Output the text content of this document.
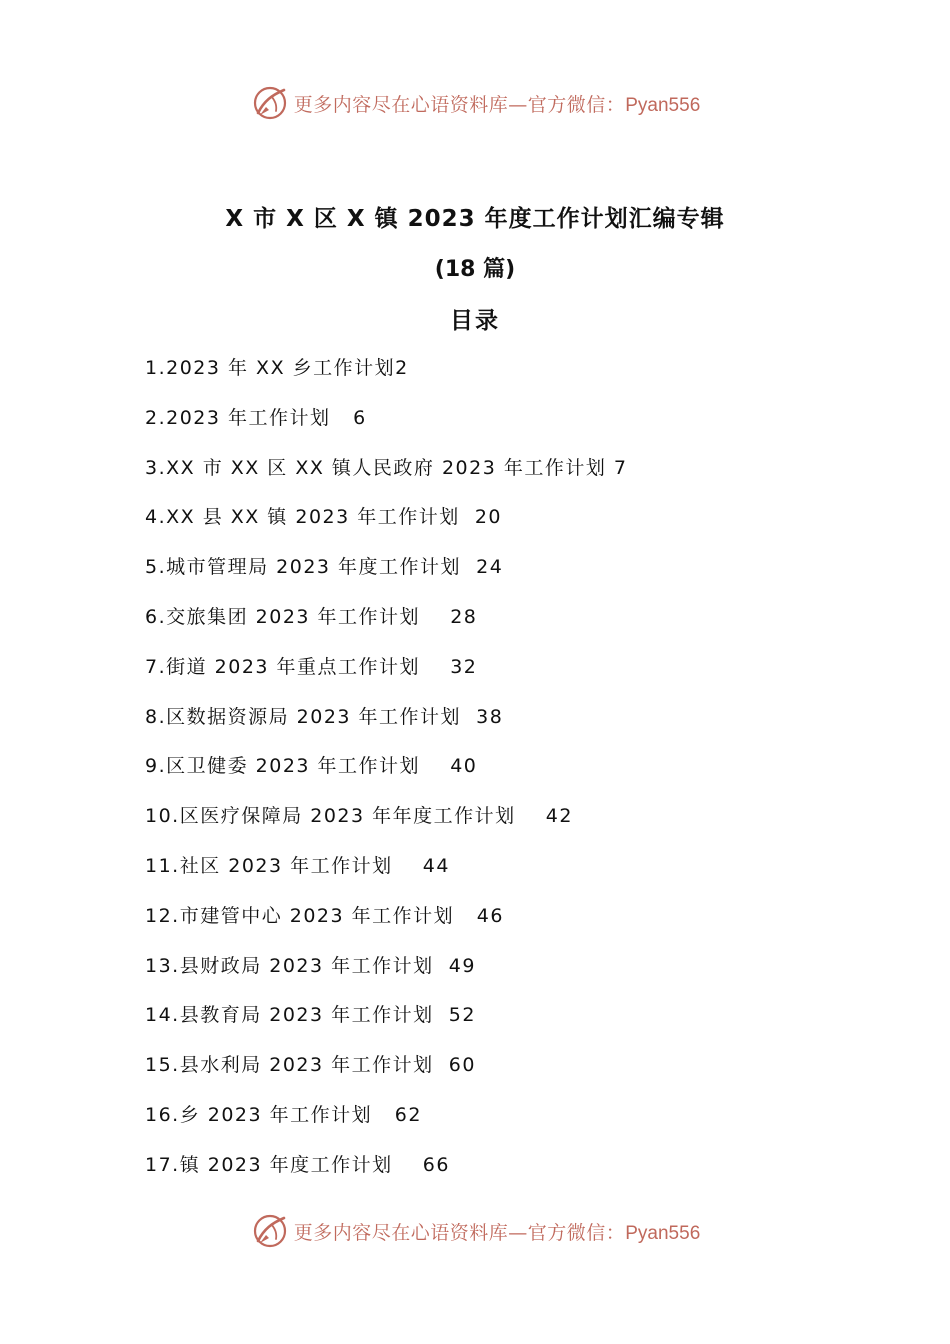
更多内容尽在心语资料库—官方微信：Pyan556
X 市 X 区 X 镇 2023 年度工作计划汇编专辑
(18 篇)
目录
1.2023 年 XX 乡工作计划2
2.2023 年工作计划   6
3.XX 市 XX 区 XX 镇人民政府 2023 年工作计划 7
4.XX 县 XX 镇 2023 年工作计划  20
5.城市管理局 2023 年度工作计划  24
6.交旅集团 2023 年工作计划    28
7.街道 2023 年重点工作计划    32
8.区数据资源局 2023 年工作计划  38
9.区卫健委 2023 年工作计划    40
10.区医疗保障局 2023 年年度工作计划    42
11.社区 2023 年工作计划    44
12.市建管中心 2023 年工作计划   46
13.县财政局 2023 年工作计划  49
14.县教育局 2023 年工作计划  52
15.县水利局 2023 年工作计划  60
16.乡 2023 年工作计划   62
17.镇 2023 年度工作计划    66
更多内容尽在心语资料库—官方微信：Pyan556
